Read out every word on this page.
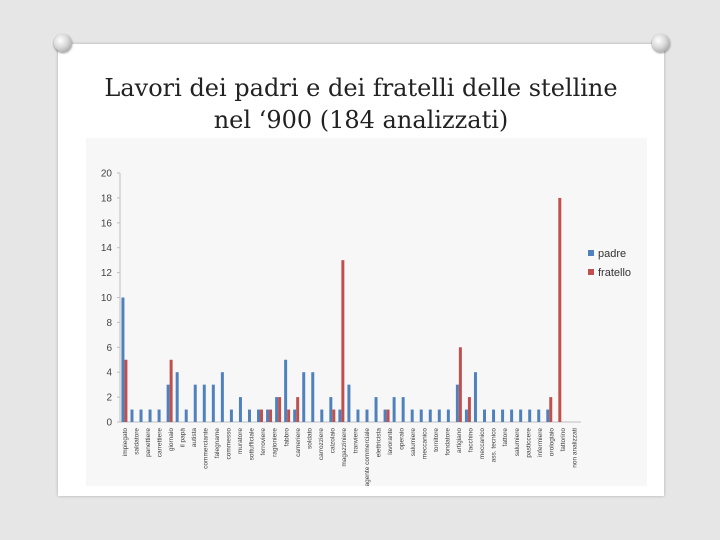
Lavori dei padri e dei fratelli delle stelline
nel ‘900 (184 analizzati)
0
2
4
6
8
10
12
14
16
18
20
impiegato saldatore panettiere carrettiere giornaio il papà autista commerciante falegname commesso muratore sottufficiale ferroviere ragioniere fabbro cameriere soldato carrozziere calzolaio magazziniere tranviere agente commerciale elettricista lavorante operaio salumiere meccanico tornitore fondatore artigiano facchino meccanico ass. tecnico fattore salumiere pasticcere infermiere orologiaio fattorino non analizzati
padre
fratello
